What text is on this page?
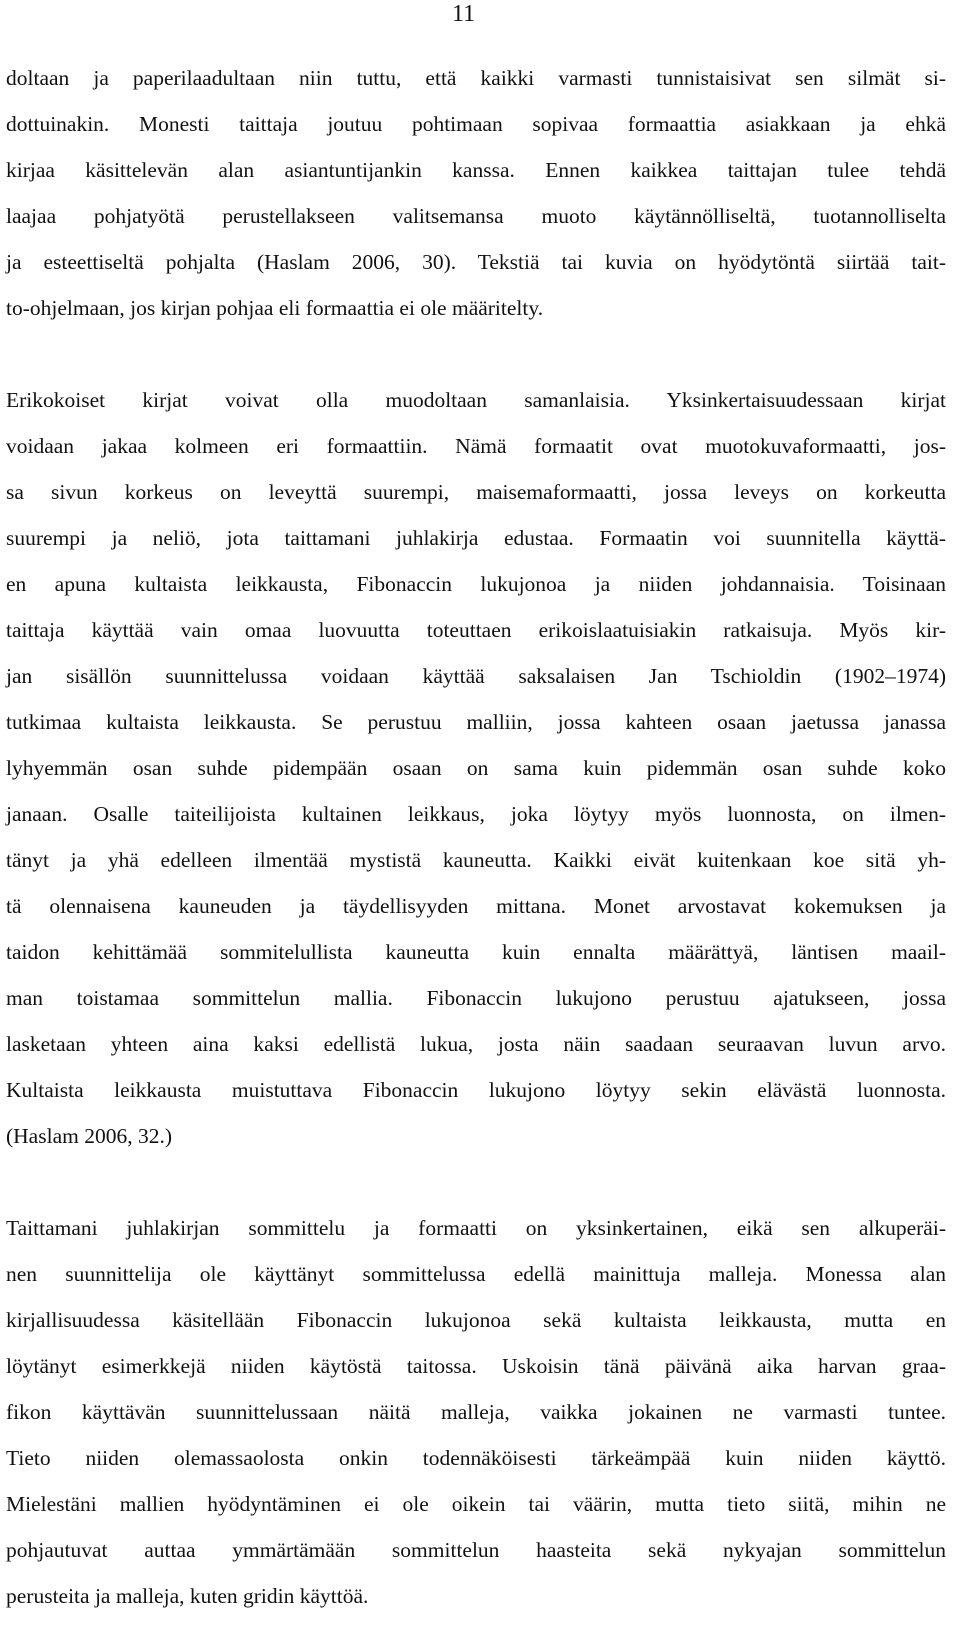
11
doltaan ja paperilaadultaan niin tuttu, että kaikki varmasti tunnistaisivat sen silmät si-
dottuinakin. Monesti taittaja joutuu pohtimaan sopivaa formaattia asiakkaan ja ehkä
kirjaa käsittelevän alan asiantuntijankin kanssa. Ennen kaikkea taittajan tulee tehdä
laajaa pohjatyötä perustellakseen valitsemansa muoto käytännölliseltä, tuotannolliselta
ja esteettiseltä pohjalta (Haslam 2006, 30). Tekstiä tai kuvia on hyödytöntä siirtää tait-
to-ohjelmaan, jos kirjan pohjaa eli formaattia ei ole määritelty.
Erikokoiset kirjat voivat olla muodoltaan samanlaisia. Yksinkertaisuudessaan kirjat
voidaan jakaa kolmeen eri formaattiin. Nämä formaatit ovat muotokuvaformaatti, jos-
sa sivun korkeus on leveyttä suurempi, maisemaformaatti, jossa leveys on korkeutta
suurempi ja neliö, jota taittamani juhlakirja edustaa. Formaatin voi suunnitella käyttä-
en apuna kultaista leikkausta, Fibonaccin lukujonoa ja niiden johdannaisia. Toisinaan
taittaja käyttää vain omaa luovuutta toteuttaen erikoislaatuisiakin ratkaisuja. Myös kir-
jan sisällön suunnittelussa voidaan käyttää saksalaisen Jan Tschioldin (1902–1974)
tutkimaa kultaista leikkausta. Se perustuu malliin, jossa kahteen osaan jaetussa janassa
lyhyemmän osan suhde pidempään osaan on sama kuin pidemmän osan suhde koko
janaan. Osalle taiteilijoista kultainen leikkaus, joka löytyy myös luonnosta, on ilmen-
tänyt ja yhä edelleen ilmentää mystistä kauneutta. Kaikki eivät kuitenkaan koe sitä yh-
tä olennaisena kauneuden ja täydellisyyden mittana. Monet arvostavat kokemuksen ja
taidon kehittämää sommitelullista kauneutta kuin ennalta määrättyä, läntisen maail-
man toistamaa sommittelun mallia. Fibonaccin lukujono perustuu ajatukseen, jossa
lasketaan yhteen aina kaksi edellistä lukua, josta näin saadaan seuraavan luvun arvo.
Kultaista leikkausta muistuttava Fibonaccin lukujono löytyy sekin elävästä luonnosta.
(Haslam 2006, 32.)
Taittamani juhlakirjan sommittelu ja formaatti on yksinkertainen, eikä sen alkuperäi-
nen suunnittelija ole käyttänyt sommittelussa edellä mainittuja malleja. Monessa alan
kirjallisuudessa käsitellään Fibonaccin lukujonoa sekä kultaista leikkausta, mutta en
löytänyt esimerkkejä niiden käytöstä taitossa. Uskoisin tänä päivänä aika harvan graa-
fikon käyttävän suunnittelussaan näitä malleja, vaikka jokainen ne varmasti tuntee.
Tieto niiden olemassaolosta onkin todennäköisesti tärkeämpää kuin niiden käyttö.
Mielestäni mallien hyödyntäminen ei ole oikein tai väärin, mutta tieto siitä, mihin ne
pohjautuvat auttaa ymmärtämään sommittelun haasteita sekä nykyajan sommittelun
perusteita ja malleja, kuten gridin käyttöä.
